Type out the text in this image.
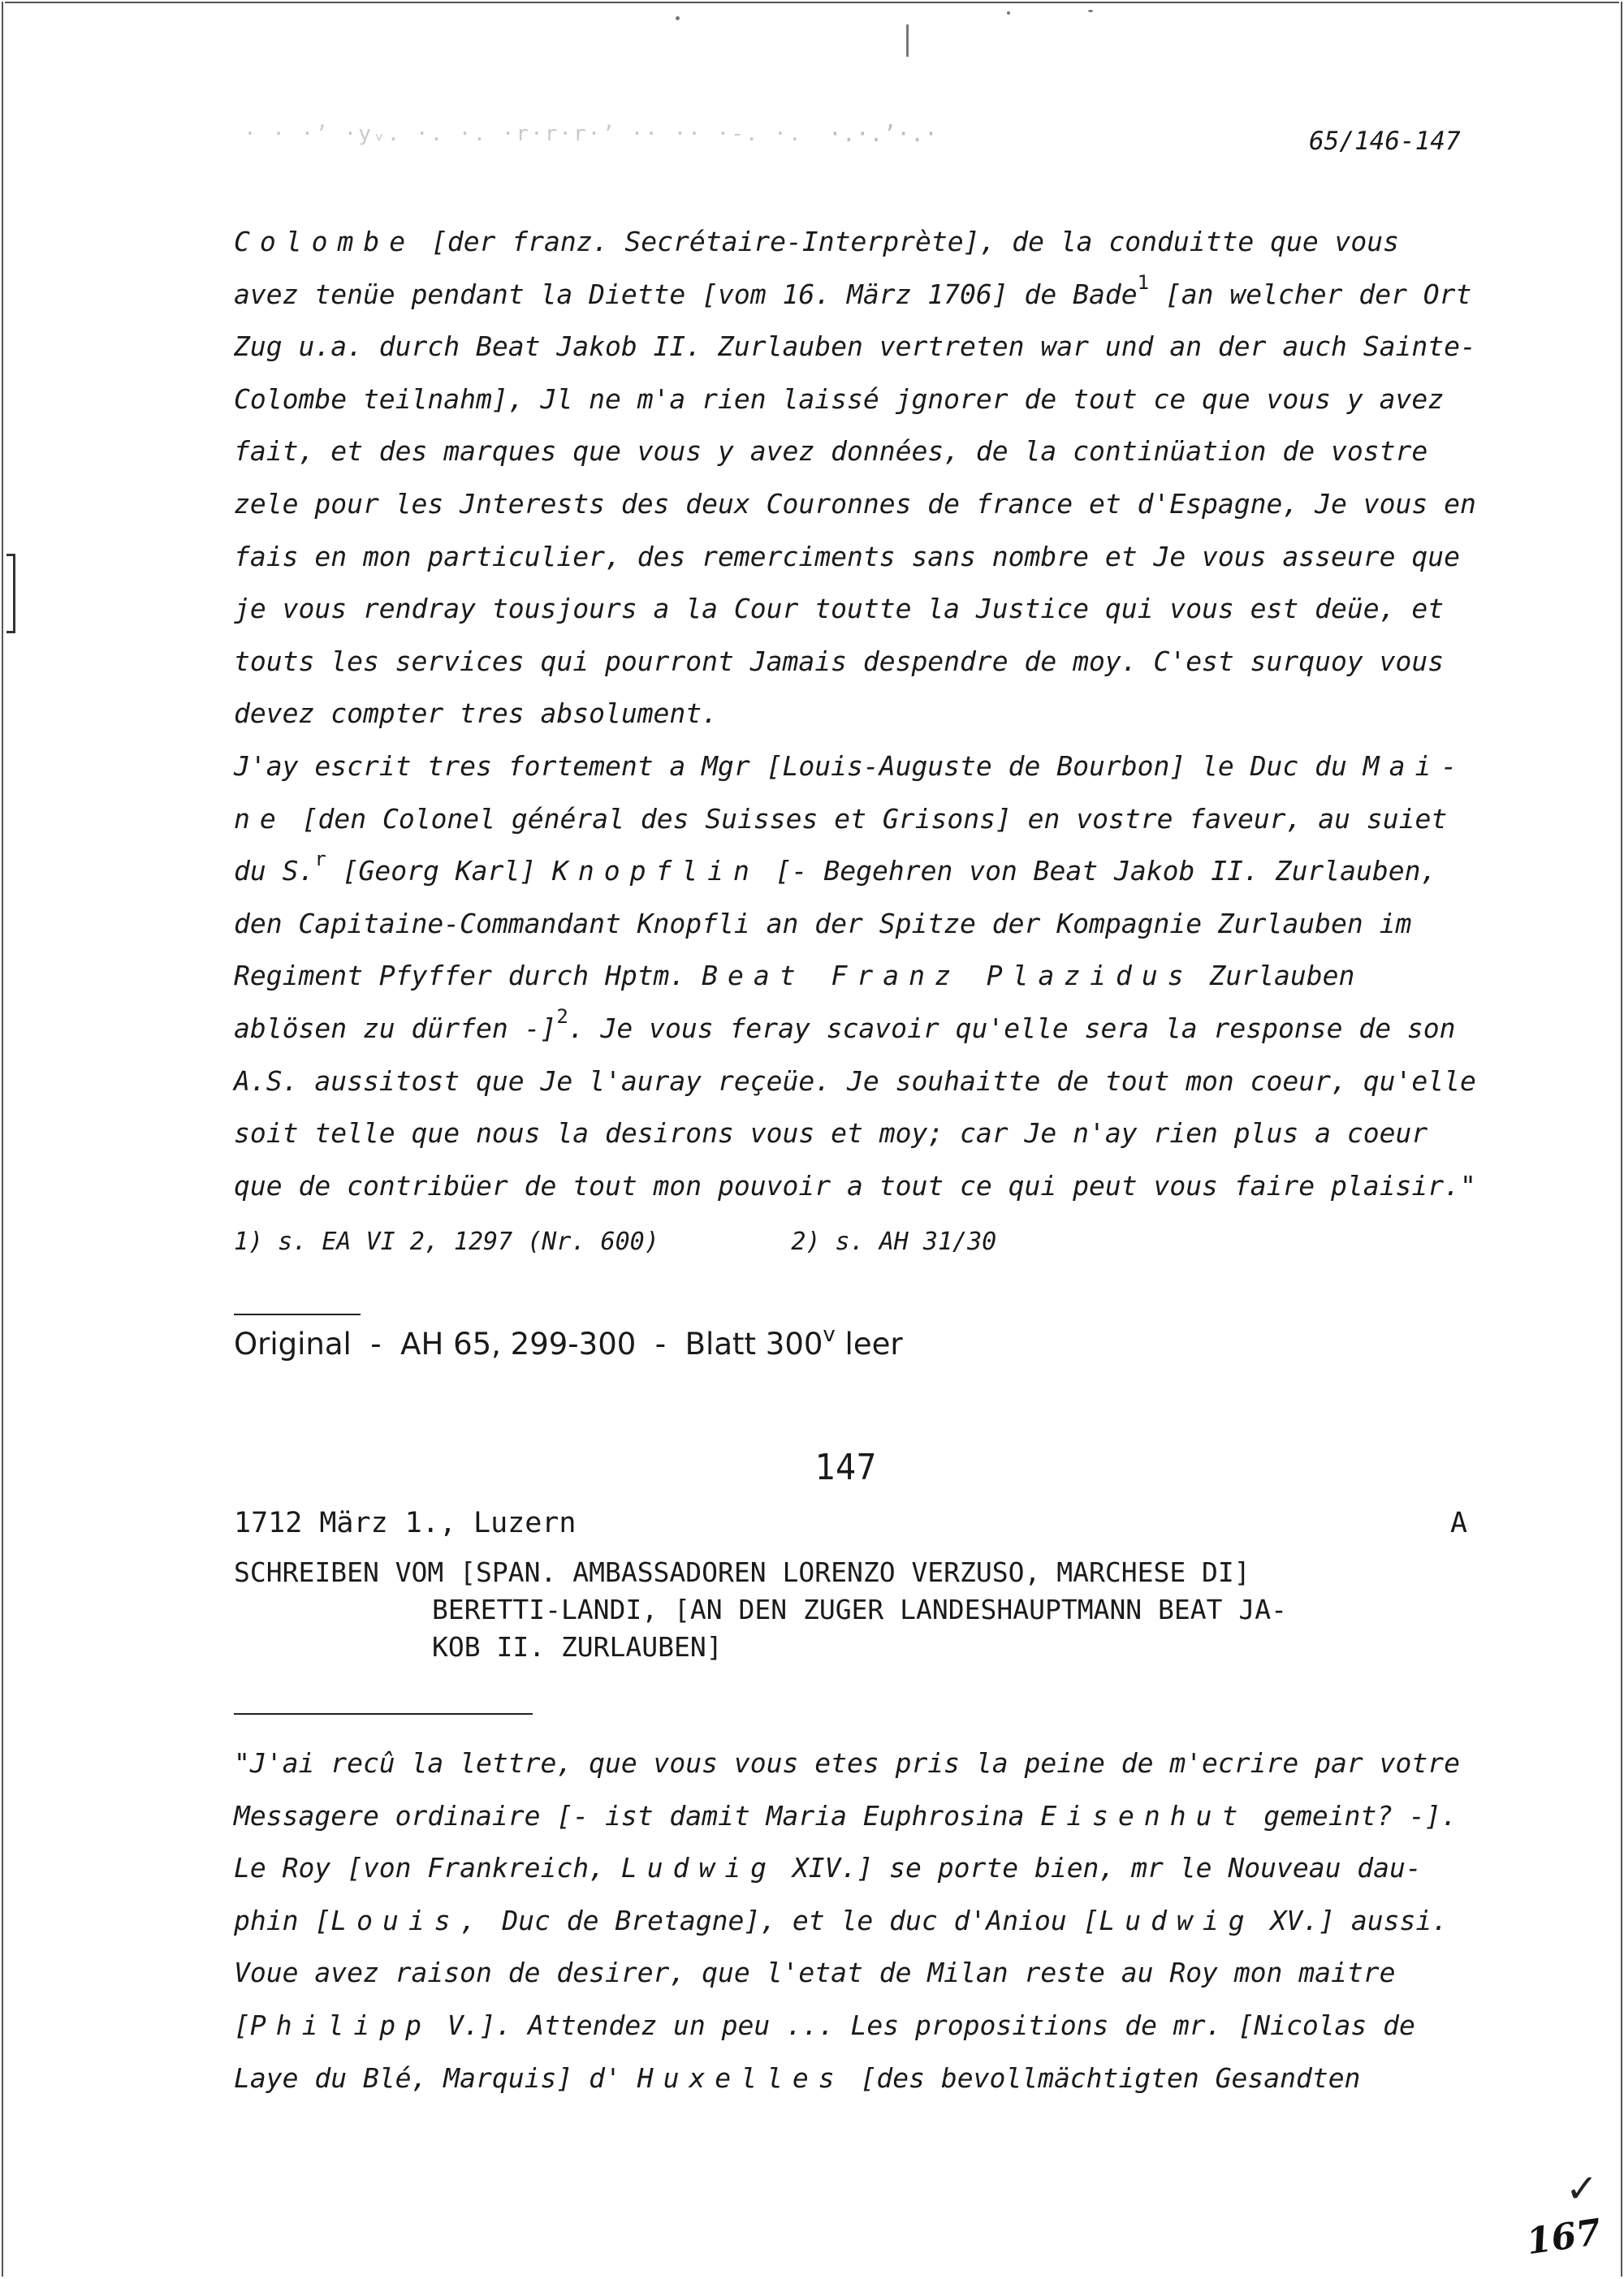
· · ·ʼ ·yᵥ. ·. ·. ·r·r·r·ʼ ·· ·· ·-. ·. ·.·.ʼ·.·	65/146-147
Colombe [der franz. Secrétaire-Interprète], de la conduitte que vous
avez tenüe pendant la Diette [vom 16. März 1706] de Bade$^1$ [an welcher der Ort
Zug u.a. durch Beat Jakob II. Zurlauben vertreten war und an der auch Sainte-
Colombe teilnahm], Jl ne m'a rien laissé jgnorer de tout ce que vous y avez
fait, et des marques que vous y avez données, de la continüation de vostre
zele pour les Jnterests des deux Couronnes de france et d'Espagne, Je vous en
fais en mon particulier, des remerciments sans nombre et Je vous asseure que
je vous rendray tousjours a la Cour toutte la Justice qui vous est deüe, et
touts les services qui pourront Jamais despendre de moy. C'est surquoy vous
devez compter tres absolument.
J'ay escrit tres fortement a Mgr [Louis-Auguste de Bourbon] le Duc du Mai-
ne [den Colonel général des Suisses et Grisons] en vostre faveur, au suiet
du S.$^r$ [Georg Karl] Knopflin [- Begehren von Beat Jakob II. Zurlauben,
den Capitaine-Commandant Knopfli an der Spitze der Kompagnie Zurlauben im
Regiment Pfyffer durch Hptm. Beat Franz Plazidus Zurlauben
ablösen zu dürfen -]$^2$. Je vous feray scavoir qu'elle sera la response de son
A.S. aussitost que Je l'auray reçeüe. Je souhaitte de tout mon coeur, qu'elle
soit telle que nous la desirons vous et moy; car Je n'ay rien plus a coeur
que de contribüer de tout mon pouvoir a tout ce qui peut vous faire plaisir."
1) s. EA VI 2, 1297 (Nr. 600)	2) s. AH 31/30
Original  -  AH 65, 299-300  -  Blatt 300$^v$ leer
147
1712 März 1., Luzern	A
SCHREIBEN VOM [SPAN. AMBASSADOREN LORENZO VERZUSO, MARCHESE DI]
BERETTI-LANDI, [AN DEN ZUGER LANDESHAUPTMANN BEAT JA-
KOB II. ZURLAUBEN]
"J'ai recû la lettre, que vous vous etes pris la peine de m'ecrire par votre
Messagere ordinaire [- ist damit Maria Euphrosina Eisenhut gemeint? -].
Le Roy [von Frankreich, Ludwig XIV.] se porte bien, mr le Nouveau dau-
phin [Louis, Duc de Bretagne], et le duc d'Aniou [Ludwig XV.] aussi.
Voue avez raison de desirer, que l'etat de Milan reste au Roy mon maitre
[Philipp V.]. Attendez un peu ... Les propositions de mr. [Nicolas de
Laye du Blé, Marquis] d' Huxelles [des bevollmächtigten Gesandten
✓
167
